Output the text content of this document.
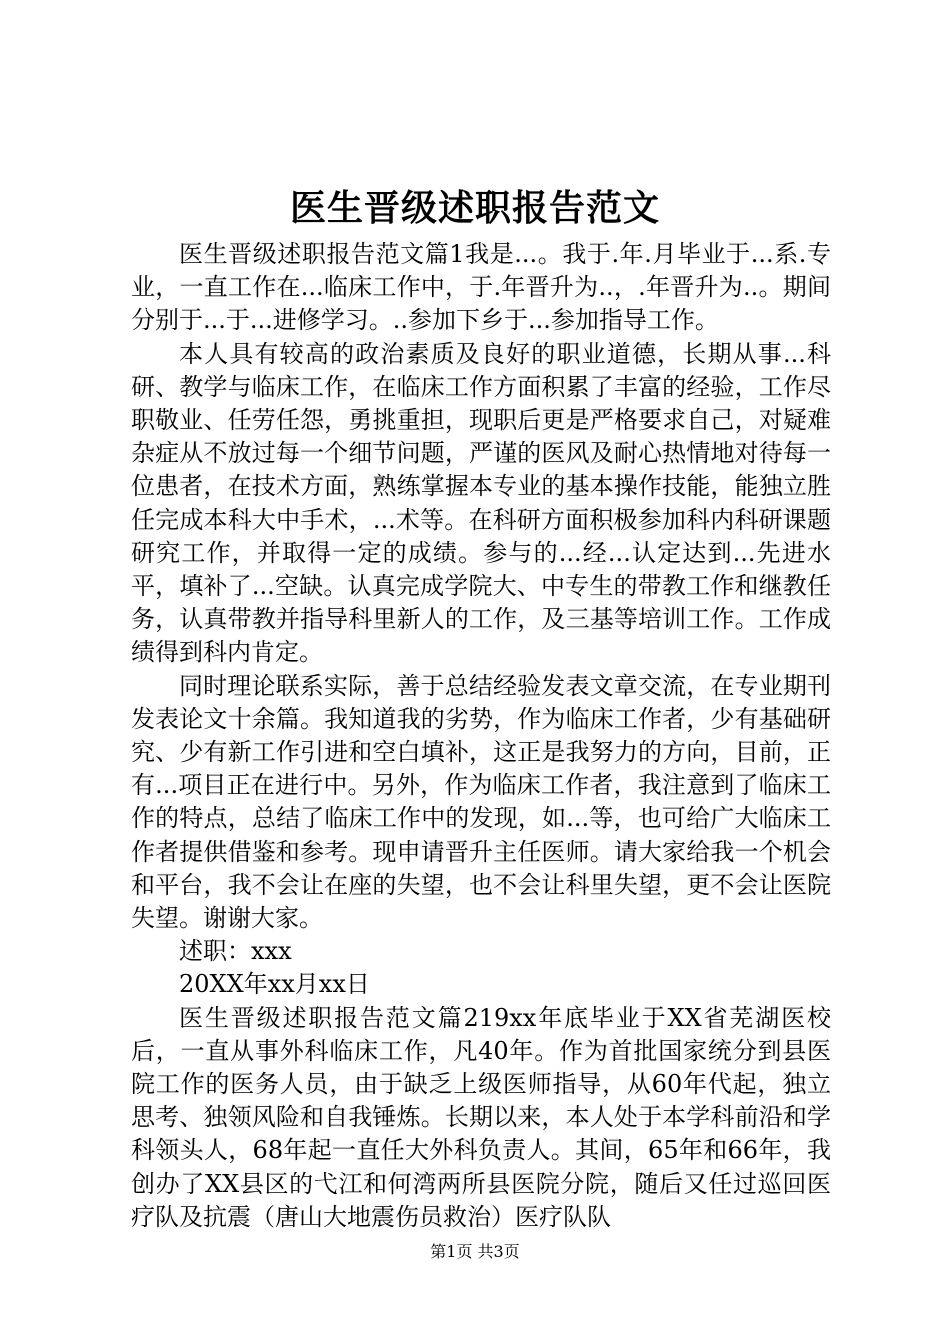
医生晋级述职报告范文

医生晋级述职报告范文篇1我是...。我于.年.月毕业于...系.专业，一直工作在...临床工作中，于.年晋升为..，.年晋升为..。期间分别于...于...进修学习。..参加下乡于...参加指导工作。

本人具有较高的政治素质及良好的职业道德，长期从事...科研、教学与临床工作，在临床工作方面积累了丰富的经验，工作尽职敬业、任劳任怨，勇挑重担，现职后更是严格要求自己，对疑难杂症从不放过每一个细节问题，严谨的医风及耐心热情地对待每一位患者，在技术方面，熟练掌握本专业的基本操作技能，能独立胜任完成本科大中手术，...术等。在科研方面积极参加科内科研课题研究工作，并取得一定的成绩。参与的...经...认定达到...先进水平，填补了...空缺。认真完成学院大、中专生的带教工作和继教任务，认真带教并指导科里新人的工作，及三基等培训工作。工作成绩得到科内肯定。

同时理论联系实际，善于总结经验发表文章交流，在专业期刊发表论文十余篇。我知道我的劣势，作为临床工作者，少有基础研究、少有新工作引进和空白填补，这正是我努力的方向，目前，正有...项目正在进行中。另外，作为临床工作者，我注意到了临床工作的特点，总结了临床工作中的发现，如...等，也可给广大临床工作者提供借鉴和参考。现申请晋升主任医师。请大家给我一个机会和平台，我不会让在座的失望，也不会让科里失望，更不会让医院失望。谢谢大家。

述职：xxx

20XX年xx月xx日

医生晋级述职报告范文篇219xx年底毕业于XX省芜湖医校后，一直从事外科临床工作，凡40年。作为首批国家统分到县医院工作的医务人员，由于缺乏上级医师指导，从60年代起，独立思考、独领风险和自我锤炼。长期以来，本人处于本学科前沿和学科领头人，68年起一直任大外科负责人。其间，65年和66年，我创办了XX县区的弋江和何湾两所县医院分院，随后又任过巡回医疗队及抗震（唐山大地震伤员救治）医疗队队

第1页 共3页
